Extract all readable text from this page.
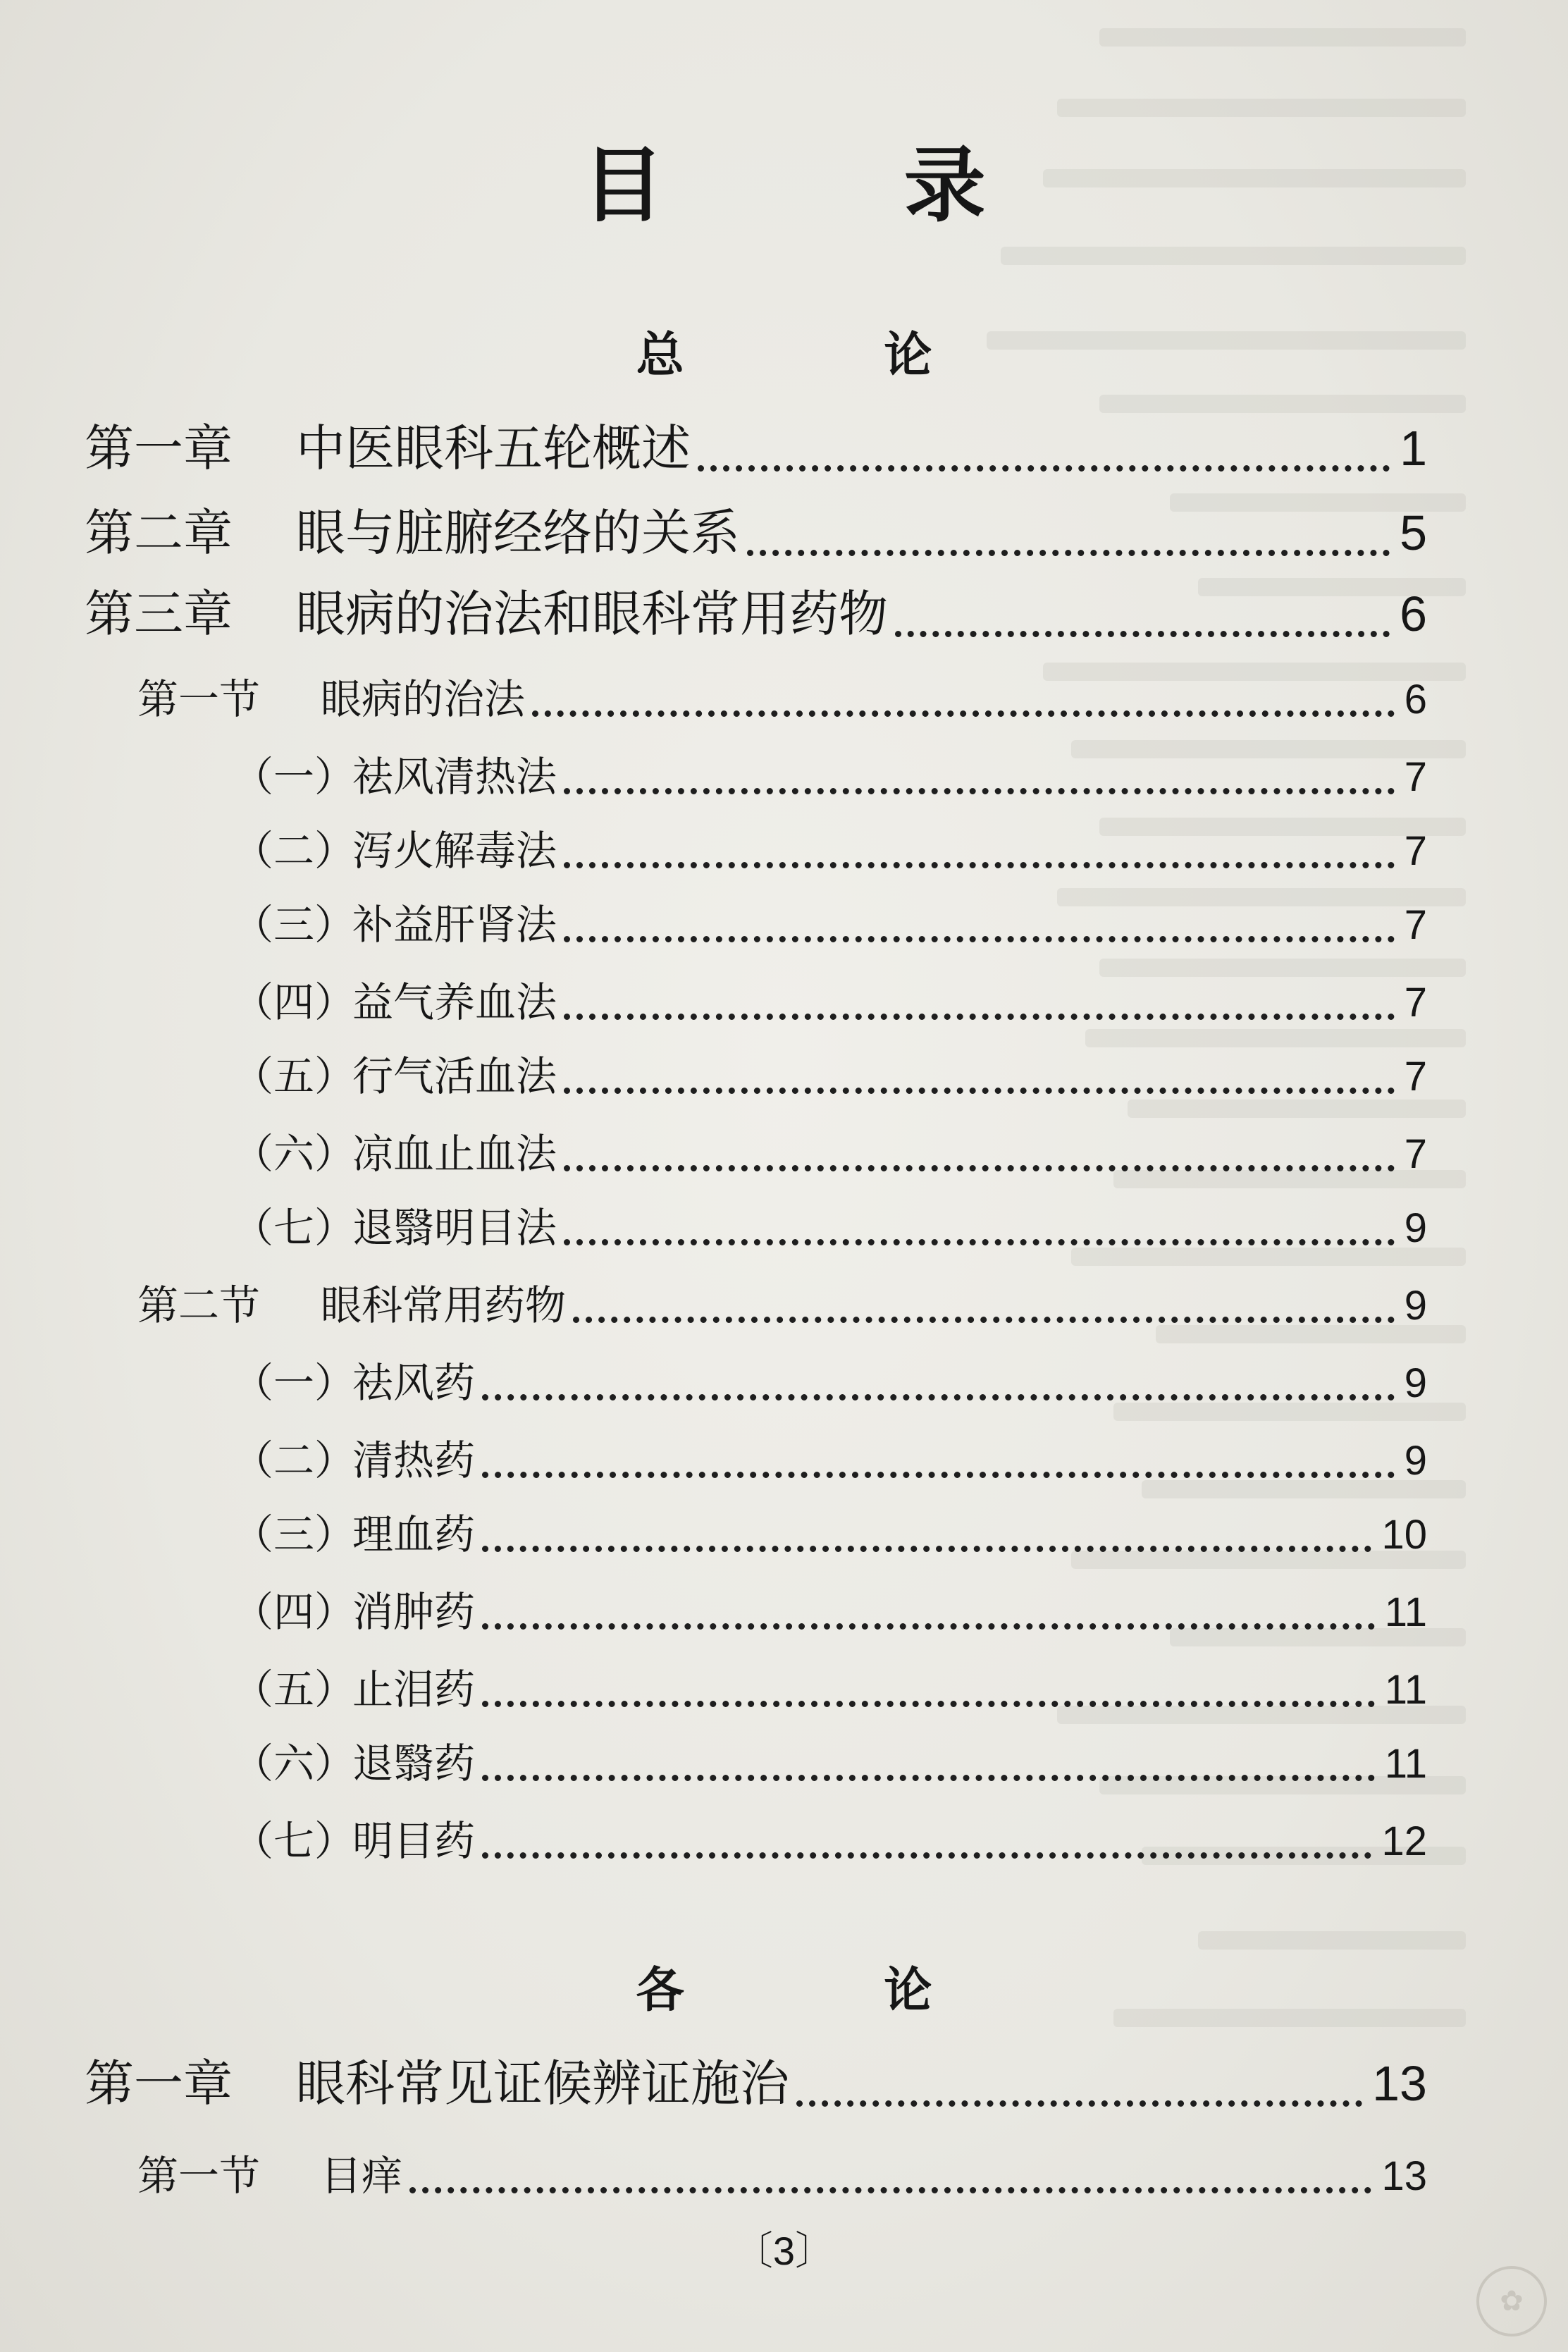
目 录
总 论
第一章	中医眼科五轮概述	1
第二章	眼与脏腑经络的关系	5
第三章	眼病的治法和眼科常用药物	6
第一节 眼病的治法	6
（一）祛风清热法	7
（二）泻火解毒法	7
（三）补益肝肾法	7
（四）益气养血法	7
（五）行气活血法	7
（六）凉血止血法	7
（七）退翳明目法	9
第二节 眼科常用药物	9
（一）祛风药	9
（二）清热药	9
（三）理血药	10
（四）消肿药	11
（五）止泪药	11
（六）退翳药	11
（七）明目药	12
各 论
第一章	眼科常见证候辨证施治	13
第一节 目痒	13
〔3〕
✿
